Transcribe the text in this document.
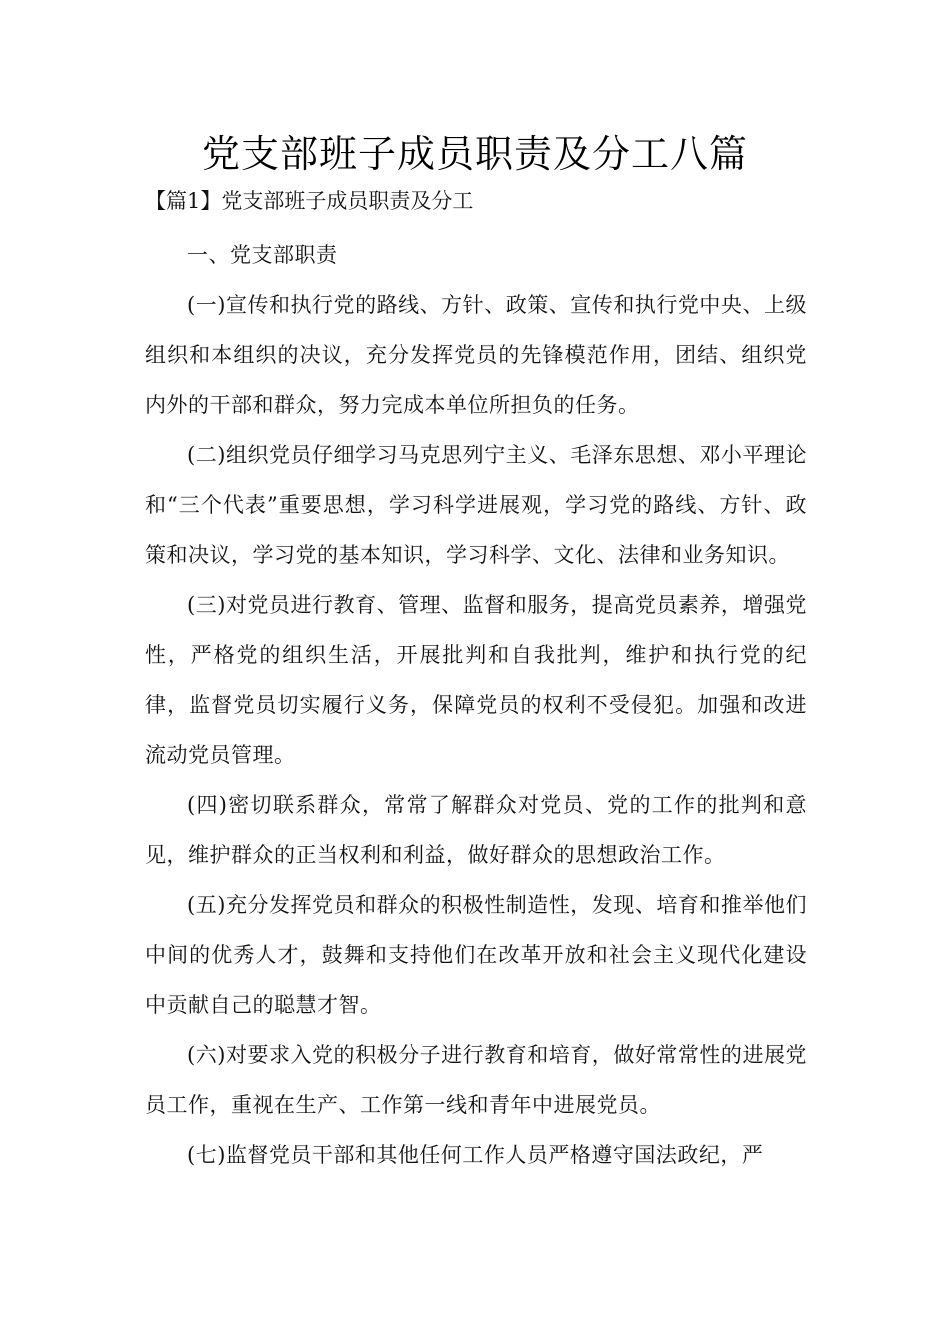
党支部班子成员职责及分工八篇
【篇1】党支部班子成员职责及分工

一、党支部职责

(一)宣传和执行党的路线、方针、政策、宣传和执行党中央、上级组织和本组织的决议，充分发挥党员的先锋模范作用，团结、组织党内外的干部和群众，努力完成本单位所担负的任务。

(二)组织党员仔细学习马克思列宁主义、毛泽东思想、邓小平理论和“三个代表”重要思想，学习科学进展观，学习党的路线、方针、政策和决议，学习党的基本知识，学习科学、文化、法律和业务知识。

(三)对党员进行教育、管理、监督和服务，提高党员素养，增强党性，严格党的组织生活，开展批判和自我批判，维护和执行党的纪律，监督党员切实履行义务，保障党员的权利不受侵犯。加强和改进流动党员管理。

(四)密切联系群众，常常了解群众对党员、党的工作的批判和意见，维护群众的正当权利和利益，做好群众的思想政治工作。

(五)充分发挥党员和群众的积极性制造性，发现、培育和推举他们中间的优秀人才，鼓舞和支持他们在改革开放和社会主义现代化建设中贡献自己的聪慧才智。

(六)对要求入党的积极分子进行教育和培育，做好常常性的进展党员工作，重视在生产、工作第一线和青年中进展党员。

(七)监督党员干部和其他任何工作人员严格遵守国法政纪，严
